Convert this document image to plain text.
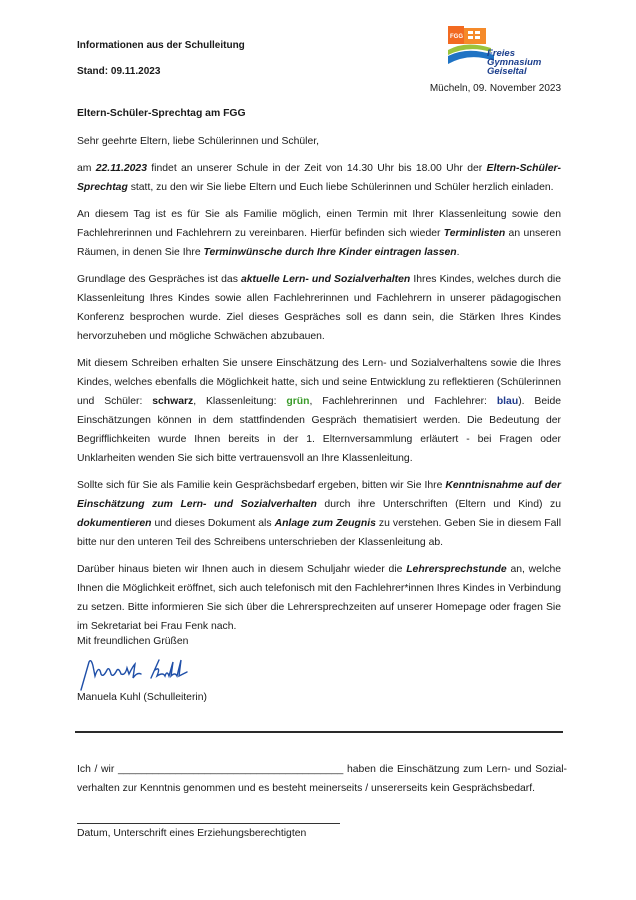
Informationen aus der Schulleitung
Stand: 09.11.2023
FGG
Freies Gymnasium
Geiseltal
Mücheln, 09. November 2023
Eltern-Schüler-Sprechtag am FGG
Sehr geehrte Eltern, liebe Schülerinnen und Schüler,

am 22.11.2023 findet an unserer Schule in der Zeit von 14.30 Uhr bis 18.00 Uhr der Eltern-Schüler-Sprechtag statt, zu den wir Sie liebe Eltern und Euch liebe Schülerinnen und Schüler herzlich einladen.

An diesem Tag ist es für Sie als Familie möglich, einen Termin mit Ihrer Klassenleitung sowie den Fachlehrerinnen und Fachlehrern zu vereinbaren. Hierfür befinden sich wieder Terminlisten an unseren Räumen, in denen Sie Ihre Terminwünsche durch Ihre Kinder eintragen lassen.

Grundlage des Gespräches ist das aktuelle Lern- und Sozialverhalten Ihres Kindes, welches durch die Klassenleitung Ihres Kindes sowie allen Fachlehrerinnen und Fachlehrern in unserer pädagogischen Konferenz besprochen wurde. Ziel dieses Gespräches soll es dann sein, die Stärken Ihres Kindes hervorzuheben und mögliche Schwächen abzubauen.

Mit diesem Schreiben erhalten Sie unsere Einschätzung des Lern- und Sozialverhaltens sowie die Ihres Kindes, welches ebenfalls die Möglichkeit hatte, sich und seine Entwicklung zu reflektieren (Schülerinnen und Schüler: schwarz, Klassenleitung: grün, Fachlehrerinnen und Fachlehrer: blau). Beide Einschätzungen können in dem stattfindenden Gespräch thematisiert werden. Die Bedeutung der Begrifflichkeiten wurde Ihnen bereits in der 1. Elternversammlung erläutert - bei Fragen oder Unklarheiten wenden Sie sich bitte vertrauensvoll an Ihre Klassenleitung.

Sollte sich für Sie als Familie kein Gesprächsbedarf ergeben, bitten wir Sie Ihre Kenntnisnahme auf der Einschätzung zum Lern- und Sozialverhalten durch ihre Unterschriften (Eltern und Kind) zu dokumentieren und dieses Dokument als Anlage zum Zeugnis zu verstehen. Geben Sie in diesem Fall bitte nur den unteren Teil des Schreibens unterschrieben der Klassenleitung ab.

Darüber hinaus bieten wir Ihnen auch in diesem Schuljahr wieder die Lehrersprechstunde an, welche Ihnen die Möglichkeit eröffnet, sich auch telefonisch mit den Fachlehrer*innen Ihres Kindes in Verbindung zu setzen. Bitte informieren Sie sich über die Lehrersprechzeiten auf unserer Homepage oder fragen Sie im Sekretariat bei Frau Fenk nach.

Mit freundlichen Grüßen
Manuela Kuhl (Schulleiterin)

Ich / wir _______________________________________ haben die Einschätzung zum Lern- und Sozial-verhalten zur Kenntnis genommen und es besteht meinerseits / unsererseits kein Gesprächsbedarf.

Datum, Unterschrift eines Erziehungsberechtigten
